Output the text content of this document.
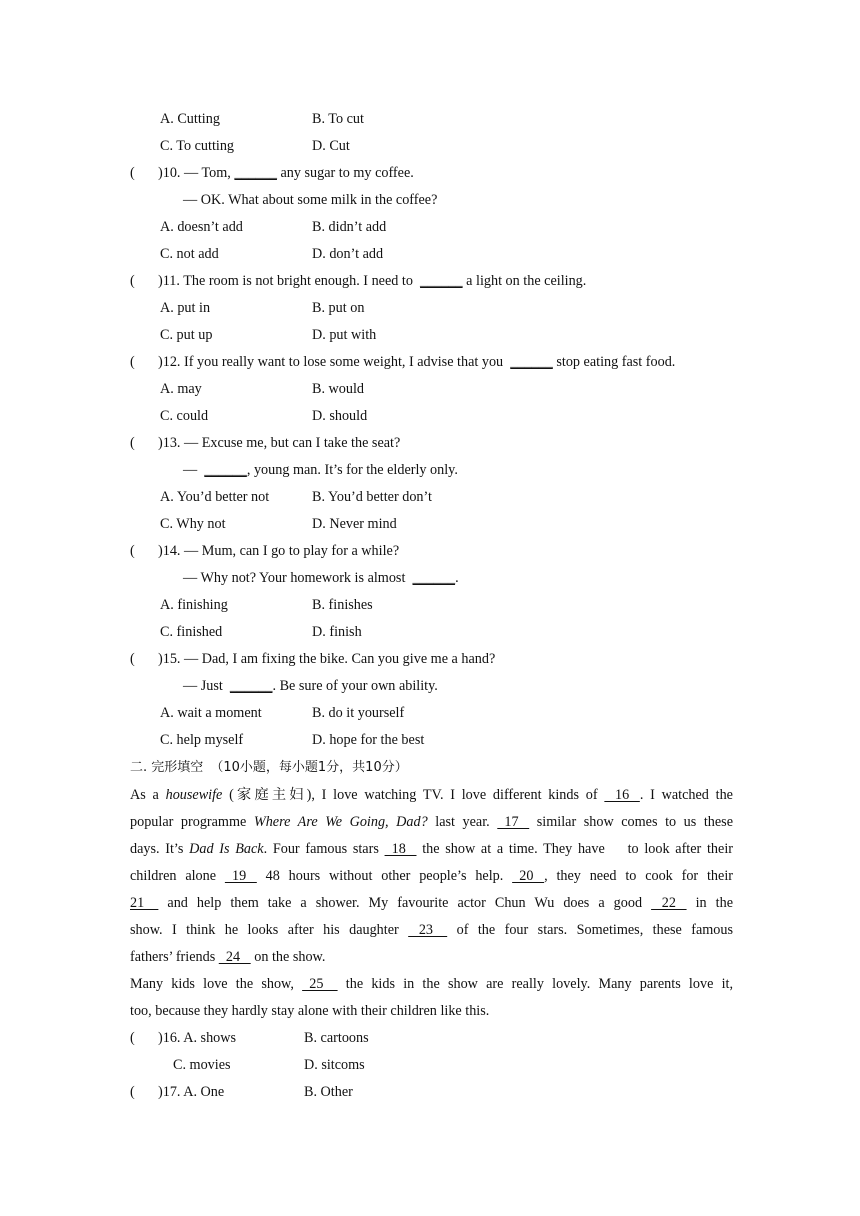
A. Cutting	B. To cut
C. To cutting	D. Cut
( )10. — Tom, ______ any sugar to my coffee.
— OK. What about some milk in the coffee?
A. doesn’t add	B. didn’t add
C. not add	D. don’t add
( )11. The room is not bright enough. I need to ______ a light on the ceiling.
A. put in	B. put on
C. put up	D. put with
( )12. If you really want to lose some weight, I advise that you ______ stop eating fast food.
A. may	B. would
C. could	D. should
( )13. — Excuse me, but can I take the seat?
— ______, young man. It’s for the elderly only.
A. You’d better not	B. You’d better don’t
C. Why not	D. Never mind
( )14. — Mum, can I go to play for a while?
— Why not? Your homework is almost ______.
A. finishing	B. finishes
C. finished	D. finish
( )15. — Dad, I am fixing the bike. Can you give me a hand?
— Just ______. Be sure of your own ability.
A. wait a moment	B. do it yourself
C. help myself	D. hope for the best
二. 完形填空 （10小题，每小题1分，共10分）
As a housewife (家庭主妇), I love watching TV. I love different kinds of    16   . I watched the
popular programme Where Are We Going, Dad? last year.   17    similar show comes to us these
days. It’s Dad Is Back. Four famous stars   18    the show at a time. They have    to look after their
children alone   19    48 hours without other people’s help.   20   , they need to cook for their
21     and help them take a shower. My favourite actor Chun Wu does a good    22    in the
show. I think he looks after his daughter    23     of the four stars. Sometimes, these famous
fathers’ friends   24    on the show.
Many kids love the show,   25     the kids in the show are really lovely. Many parents love it,
too, because they hardly stay alone with their children like this.
( )16. A. shows	B. cartoons
C. movies	D. sitcoms
( )17. A. One	B. Other
